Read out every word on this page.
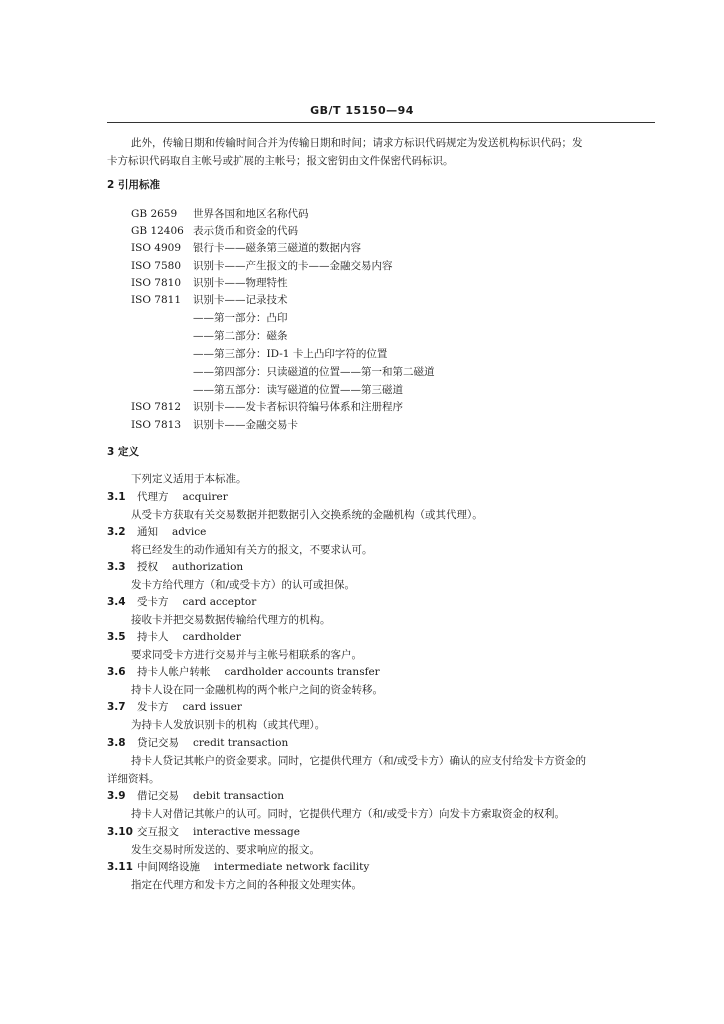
GB/T 15150—94
此外，传输日期和传输时间合并为传输日期和时间；请求方标识代码规定为发送机构标识代码；发
卡方标识代码取自主帐号或扩展的主帐号；报文密钥由文件保密代码标识。
2 引用标准
GB 2659 世界各国和地区名称代码
GB 12406 表示货币和资金的代码
ISO 4909 银行卡——磁条第三磁道的数据内容
ISO 7580 识别卡——产生报文的卡——金融交易内容
ISO 7810 识别卡——物理特性
ISO 7811 识别卡——记录技术
——第一部分：凸印
——第二部分：磁条
——第三部分：ID-1 卡上凸印字符的位置
——第四部分：只读磁道的位置——第一和第二磁道
——第五部分：读写磁道的位置——第三磁道
ISO 7812 识别卡——发卡者标识符编号体系和注册程序
ISO 7813 识别卡——金融交易卡
3 定义
下列定义适用于本标准。
3.1 代理方 acquirer
从受卡方获取有关交易数据并把数据引入交换系统的金融机构（或其代理）。
3.2 通知 advice
将已经发生的动作通知有关方的报文，不要求认可。
3.3 授权 authorization
发卡方给代理方（和/或受卡方）的认可或担保。
3.4 受卡方 card acceptor
接收卡并把交易数据传输给代理方的机构。
3.5 持卡人 cardholder
要求同受卡方进行交易并与主帐号相联系的客户。
3.6 持卡人帐户转帐 cardholder accounts transfer
持卡人设在同一金融机构的两个帐户之间的资金转移。
3.7 发卡方 card issuer
为持卡人发放识别卡的机构（或其代理）。
3.8 贷记交易 credit transaction
持卡人贷记其帐户的资金要求。同时，它提供代理方（和/或受卡方）确认的应支付给发卡方资金的
详细资料。
3.9 借记交易 debit transaction
持卡人对借记其帐户的认可。同时，它提供代理方（和/或受卡方）向发卡方索取资金的权利。
3.10 交互报文 interactive message
发生交易时所发送的、要求响应的报文。
3.11 中间网络设施 intermediate network facility
指定在代理方和发卡方之间的各种报文处理实体。
